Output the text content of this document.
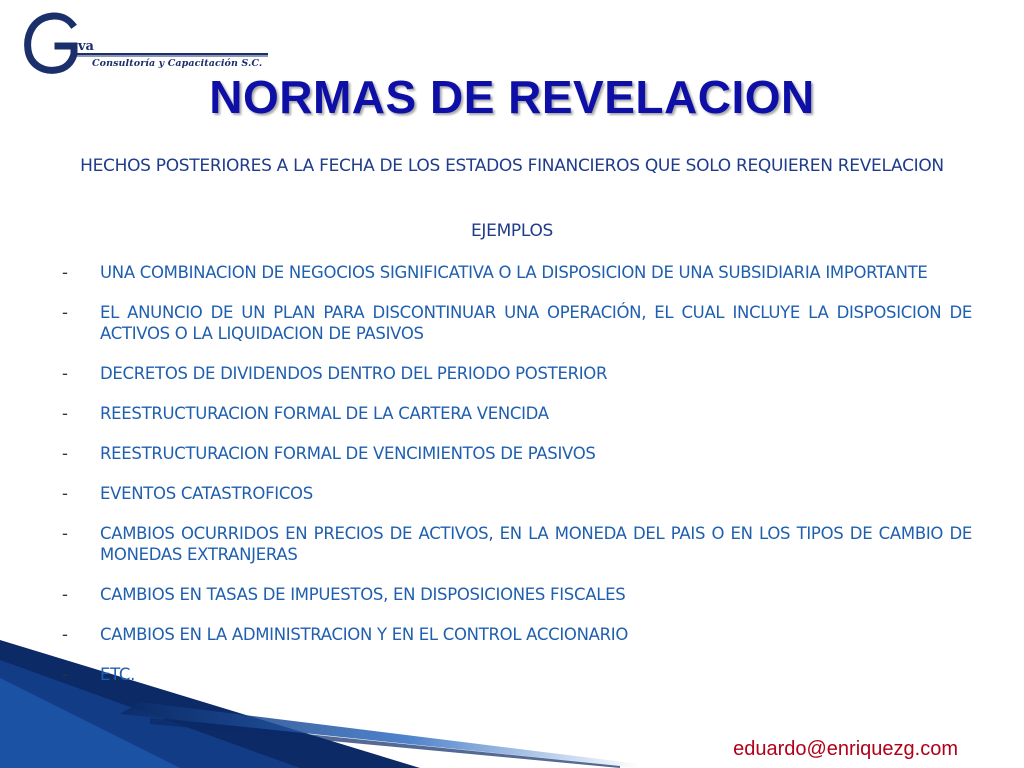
va
Consultoría y Capacitación S.C.
NORMAS DE REVELACION
HECHOS POSTERIORES A LA FECHA DE LOS ESTADOS FINANCIEROS QUE SOLO REQUIEREN REVELACION
EJEMPLOS
- UNA COMBINACION DE NEGOCIOS SIGNIFICATIVA O LA DISPOSICION DE UNA SUBSIDIARIA IMPORTANTE
- EL ANUNCIO DE UN PLAN PARA DISCONTINUAR UNA OPERACIÓN, EL CUAL INCLUYE LA DISPOSICION DE ACTIVOS O LA LIQUIDACION DE PASIVOS
- DECRETOS DE DIVIDENDOS DENTRO DEL PERIODO POSTERIOR
- REESTRUCTURACION FORMAL DE LA CARTERA VENCIDA
- REESTRUCTURACION FORMAL DE VENCIMIENTOS DE PASIVOS
- EVENTOS CATASTROFICOS
- CAMBIOS OCURRIDOS EN PRECIOS DE ACTIVOS, EN LA MONEDA DEL PAIS O EN LOS TIPOS DE CAMBIO DE MONEDAS EXTRANJERAS
- CAMBIOS EN TASAS DE IMPUESTOS, EN DISPOSICIONES FISCALES
- CAMBIOS EN LA ADMINISTRACION Y EN EL CONTROL ACCIONARIO
- ETC.
eduardo@enriquezg.com
